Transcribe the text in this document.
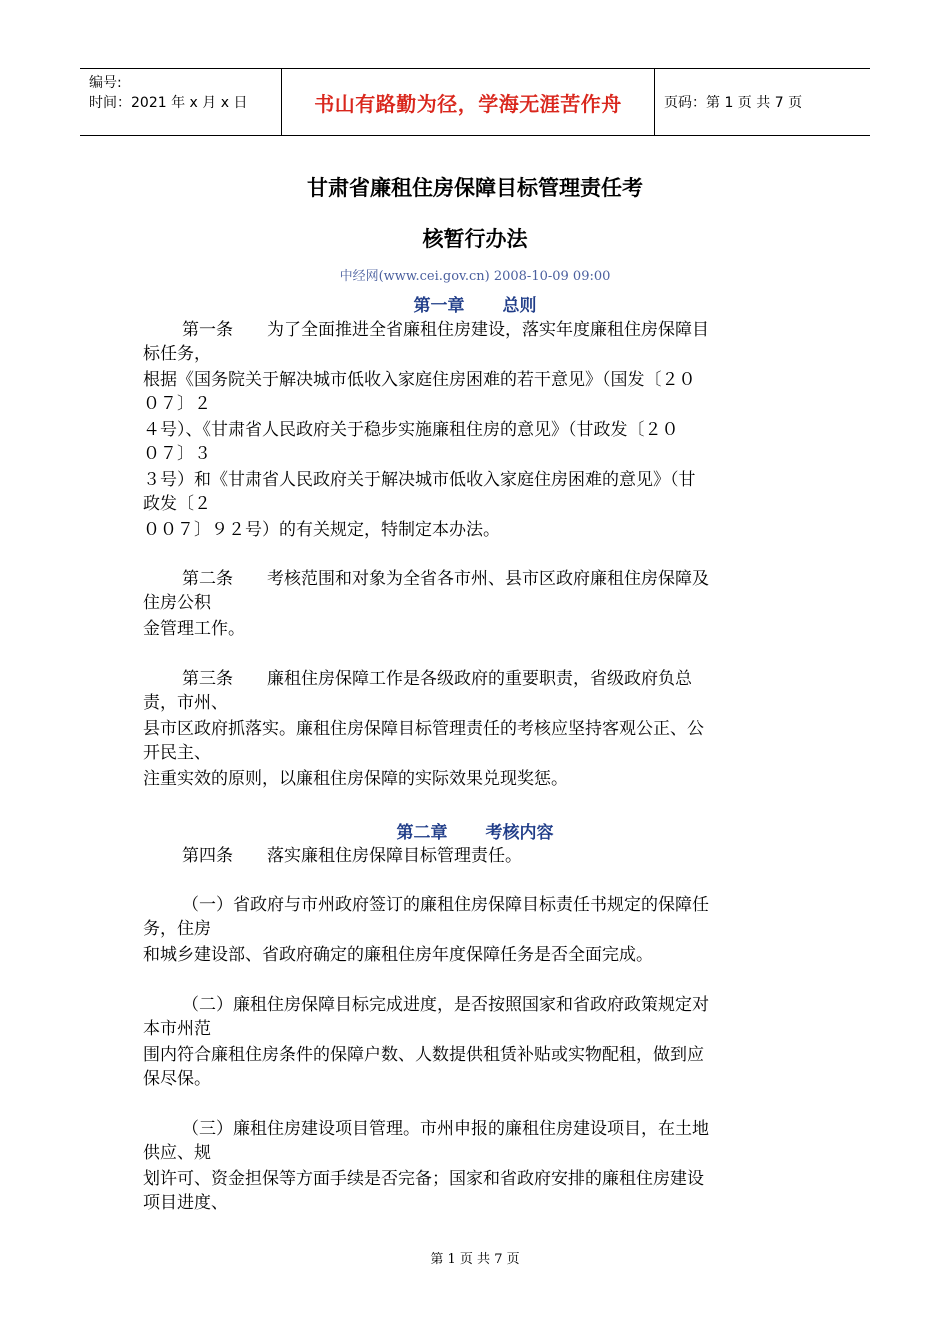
编号:
时间：2021 年 x 月 x 日	书山有路勤为径，学海无涯苦作舟	页码：第 1 页 共 7 页
甘肃省廉租住房保障目标管理责任考
核暂行办法
中经网(www.cei.gov.cn) 2008-10-09 09:00
第一章 总则
第一条　　为了全面推进全省廉租住房建设，落实年度廉租住房保障目
标任务，
根据《国务院关于解决城市低收入家庭住房困难的若干意见》（国发〔２０
０７〕２
４号）、《甘肃省人民政府关于稳步实施廉租住房的意见》（甘政发〔２０
０７〕３
３号）和《甘肃省人民政府关于解决城市低收入家庭住房困难的意见》（甘
政发〔２
００７〕９２号）的有关规定，特制定本办法。
第二条　　考核范围和对象为全省各市州、县市区政府廉租住房保障及
住房公积
金管理工作。
第三条　　廉租住房保障工作是各级政府的重要职责，省级政府负总
责，市州、
县市区政府抓落实。廉租住房保障目标管理责任的考核应坚持客观公正、公
开民主、
注重实效的原则，以廉租住房保障的实际效果兑现奖惩。
第二章 考核内容
第四条　　落实廉租住房保障目标管理责任。
（一）省政府与市州政府签订的廉租住房保障目标责任书规定的保障任
务，住房
和城乡建设部、省政府确定的廉租住房年度保障任务是否全面完成。
（二）廉租住房保障目标完成进度，是否按照国家和省政府政策规定对
本市州范
围内符合廉租住房条件的保障户数、人数提供租赁补贴或实物配租，做到应
保尽保。
（三）廉租住房建设项目管理。市州申报的廉租住房建设项目，在土地
供应、规
划许可、资金担保等方面手续是否完备；国家和省政府安排的廉租住房建设
项目进度、
第 1 页 共 7 页
